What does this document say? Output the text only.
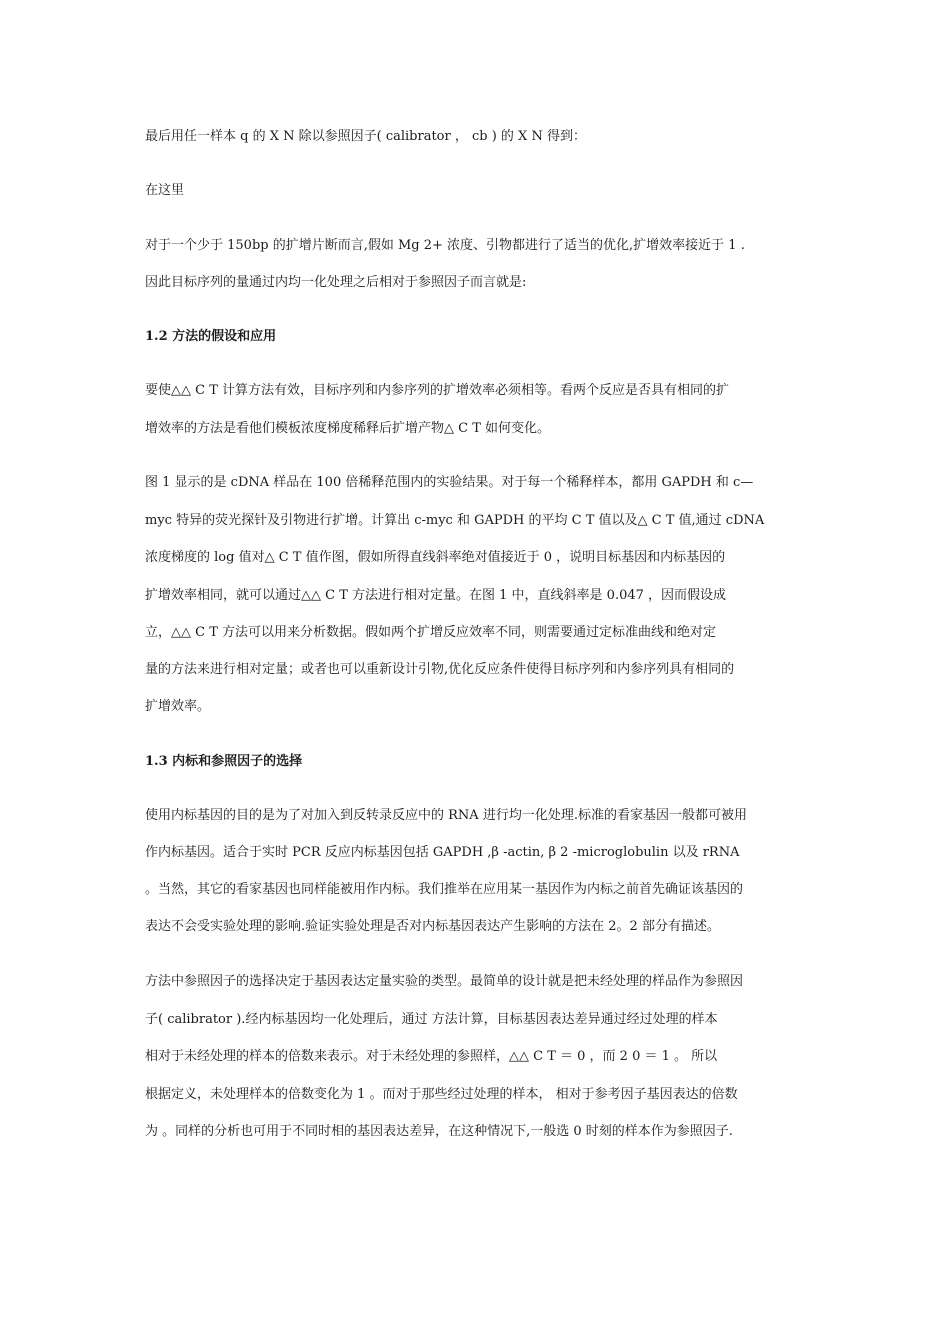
最后用任一样本 q 的 X N 除以参照因子( calibrator ， cb ) 的 X N 得到：
在这里
对于一个少于 150bp 的扩增片断而言,假如 Mg 2+ 浓度、引物都进行了适当的优化,扩增效率接近于 1 .
因此目标序列的量通过内均一化处理之后相对于参照因子而言就是:
1.2 方法的假设和应用
要使△△ C T 计算方法有效，目标序列和内参序列的扩增效率必须相等。看两个反应是否具有相同的扩
增效率的方法是看他们模板浓度梯度稀释后扩增产物△ C T 如何变化。
图 1 显示的是 cDNA 样品在 100 倍稀释范围内的实验结果。对于每一个稀释样本，都用 GAPDH 和 c—
myc 特异的荧光探针及引物进行扩增。计算出 c-myc 和 GAPDH 的平均 C T 值以及△ C T 值,通过 cDNA
浓度梯度的 log 值对△ C T 值作图，假如所得直线斜率绝对值接近于 0 ，说明目标基因和内标基因的
扩增效率相同，就可以通过△△ C T 方法进行相对定量。在图 1 中，直线斜率是 0.047 ，因而假设成
立，△△ C T 方法可以用来分析数据。假如两个扩增反应效率不同，则需要通过定标准曲线和绝对定
量的方法来进行相对定量；或者也可以重新设计引物,优化反应条件使得目标序列和内参序列具有相同的
扩增效率。
1.3 内标和参照因子的选择
使用内标基因的目的是为了对加入到反转录反应中的 RNA 进行均一化处理.标准的看家基因一般都可被用
作内标基因。适合于实时 PCR 反应内标基因包括 GAPDH ,β -actin, β 2 -microglobulin 以及 rRNA
。当然，其它的看家基因也同样能被用作内标。我们推举在应用某一基因作为内标之前首先确证该基因的
表达不会受实验处理的影响.验证实验处理是否对内标基因表达产生影响的方法在 2。2 部分有描述。
方法中参照因子的选择决定于基因表达定量实验的类型。最简单的设计就是把未经处理的样品作为参照因
子( calibrator ).经内标基因均一化处理后，通过 方法计算，目标基因表达差异通过经过处理的样本
相对于未经处理的样本的倍数来表示。对于未经处理的参照样，△△ C T ＝ 0 ，而 2 0 ＝ 1 。 所以
根据定义，未处理样本的倍数变化为 1 。而对于那些经过处理的样本， 相对于参考因子基因表达的倍数
为 。同样的分析也可用于不同时相的基因表达差异，在这种情况下,一般选 0 时刻的样本作为参照因子.
